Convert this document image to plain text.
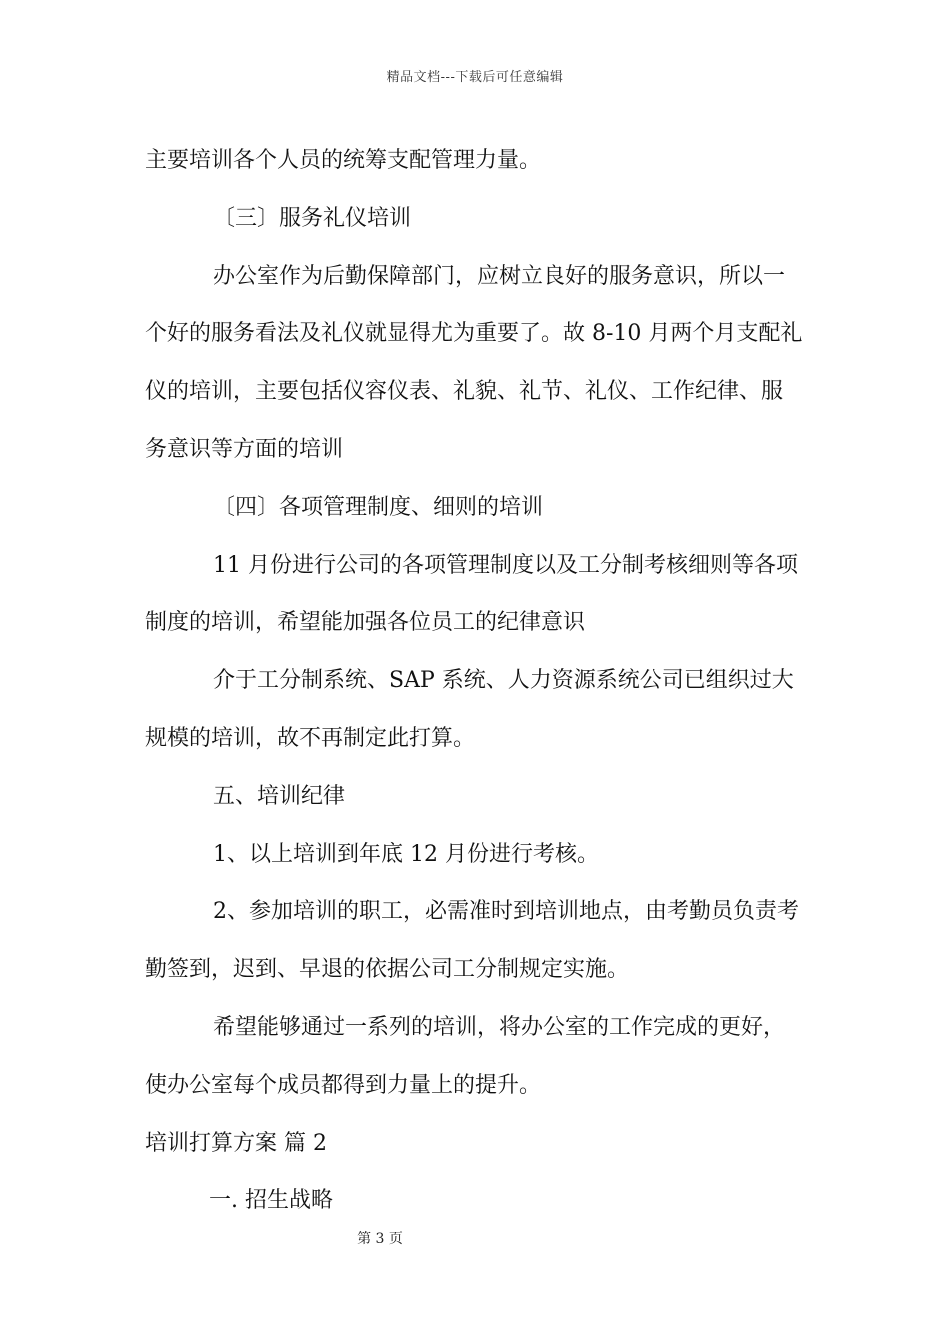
精品文档---下载后可任意编辑

主要培训各个人员的统筹支配管理力量。

〔三〕服务礼仪培训

办公室作为后勤保障部门，应树立良好的服务意识，所以一

个好的服务看法及礼仪就显得尤为重要了。故 8-10 月两个月支配礼

仪的培训，主要包括仪容仪表、礼貌、礼节、礼仪、工作纪律、服

务意识等方面的培训

〔四〕各项管理制度、细则的培训

11 月份进行公司的各项管理制度以及工分制考核细则等各项

制度的培训，希望能加强各位员工的纪律意识

介于工分制系统、SAP 系统、人力资源系统公司已组织过大

规模的培训，故不再制定此打算。

五、培训纪律

1、以上培训到年底 12 月份进行考核。

2、参加培训的职工，必需准时到培训地点，由考勤员负责考

勤签到，迟到、早退的依据公司工分制规定实施。

希望能够通过一系列的培训，将办公室的工作完成的更好，

使办公室每个成员都得到力量上的提升。

培训打算方案 篇 2

一. 招生战略

第 3 页
